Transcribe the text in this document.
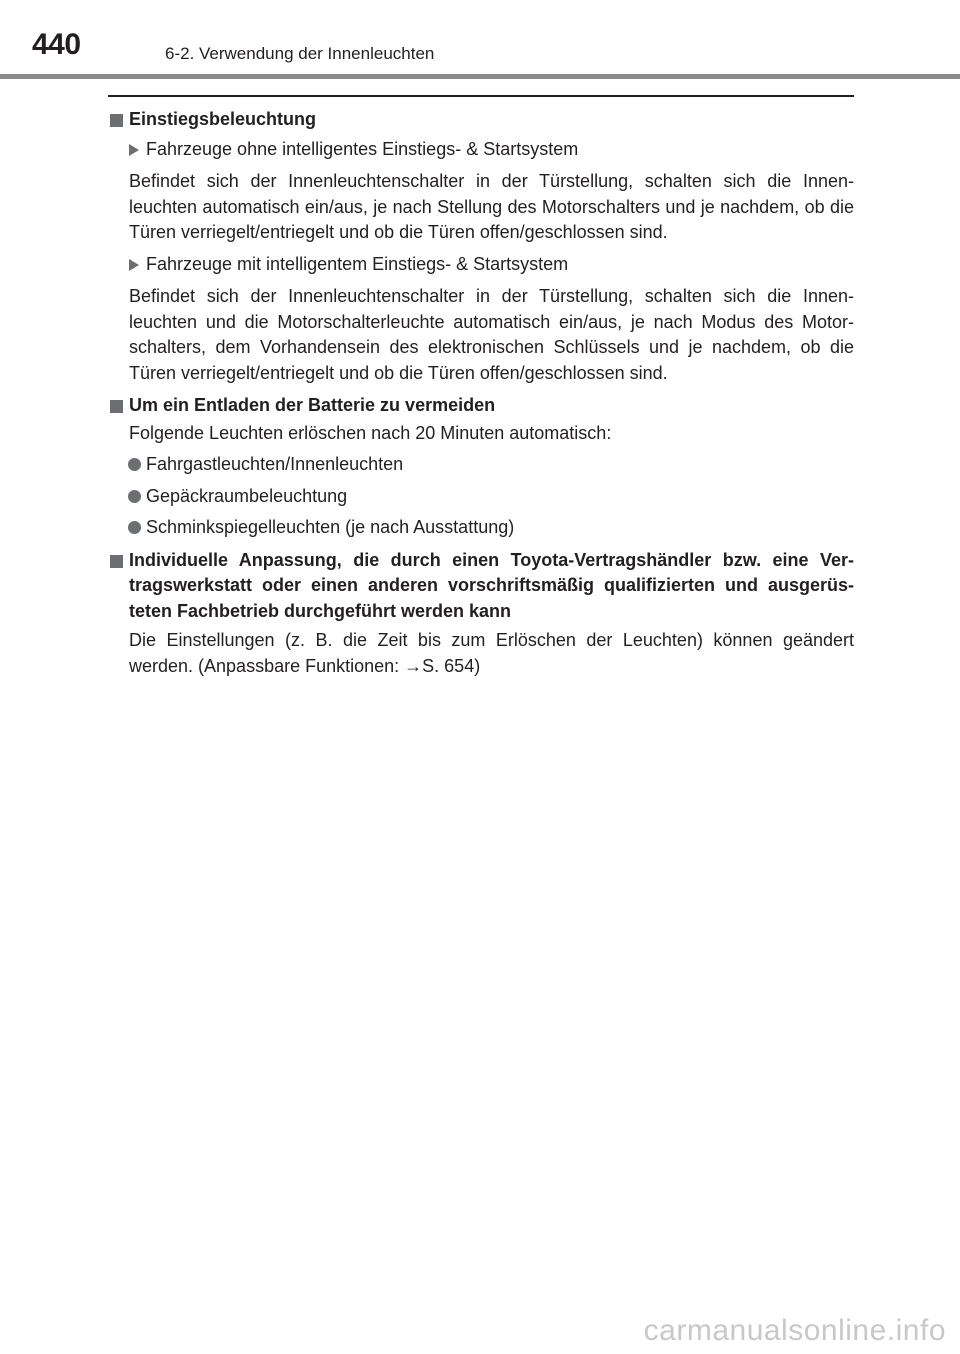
440	6-2. Verwendung der Innenleuchten
Einstiegsbeleuchtung
Fahrzeuge ohne intelligentes Einstiegs- & Startsystem
Befindet sich der Innenleuchtenschalter in der Türstellung, schalten sich die Innen-leuchten automatisch ein/aus, je nach Stellung des Motorschalters und je nachdem, ob die Türen verriegelt/entriegelt und ob die Türen offen/geschlossen sind.
Fahrzeuge mit intelligentem Einstiegs- & Startsystem
Befindet sich der Innenleuchtenschalter in der Türstellung, schalten sich die Innen-leuchten und die Motorschalterleuchte automatisch ein/aus, je nach Modus des Motor-schalters, dem Vorhandensein des elektronischen Schlüssels und je nachdem, ob die Türen verriegelt/entriegelt und ob die Türen offen/geschlossen sind.
Um ein Entladen der Batterie zu vermeiden
Folgende Leuchten erlöschen nach 20 Minuten automatisch:
Fahrgastleuchten/Innenleuchten
Gepäckraumbeleuchtung
Schminkspiegelleuchten (je nach Ausstattung)
Individuelle Anpassung, die durch einen Toyota-Vertragshändler bzw. eine Ver-tragswerkstatt oder einen anderen vorschriftsmäßig qualifizierten und ausgerüs-teten Fachbetrieb durchgeführt werden kann
Die Einstellungen (z. B. die Zeit bis zum Erlöschen der Leuchten) können geändert werden. (Anpassbare Funktionen: →S. 654)
carmanualsonline.info
